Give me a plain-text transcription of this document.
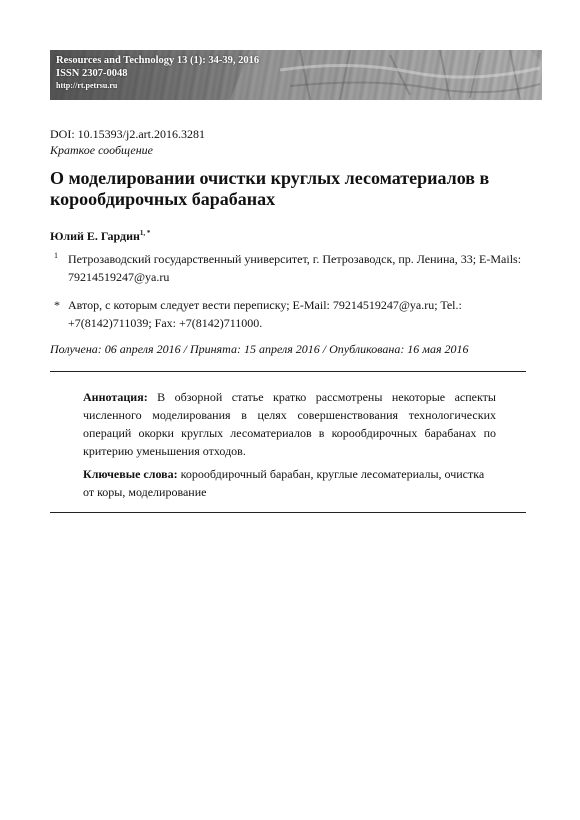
Resources and Technology 13 (1): 34-39, 2016
ISSN 2307-0048
http://rt.petrsu.ru
DOI: 10.15393/j2.art.2016.3281
Краткое сообщение
О моделировании очистки круглых лесоматериалов в корообдирочных барабанах
Юлий Е. Гардин$^{1, *}$
1 Петрозаводский государственный университет, г. Петрозаводск, пр. Ленина, 33; E-Mails: 79214519247@ya.ru
* Автор, с которым следует вести переписку; E-Mail: 79214519247@ya.ru; Tel.: +7(8142)711039; Fax: +7(8142)711000.
Получена: 06 апреля 2016 / Принята: 15 апреля 2016 / Опубликована: 16 мая 2016

Аннотация: В обзорной статье кратко рассмотрены некоторые аспекты численного моделирования в целях совершенствования технологических операций окорки круглых лесоматериалов в корообдирочных барабанах по критерию уменьшения отходов.

Ключевые слова: корообдирочный барабан, круглые лесоматериалы, очистка от коры, моделирование
